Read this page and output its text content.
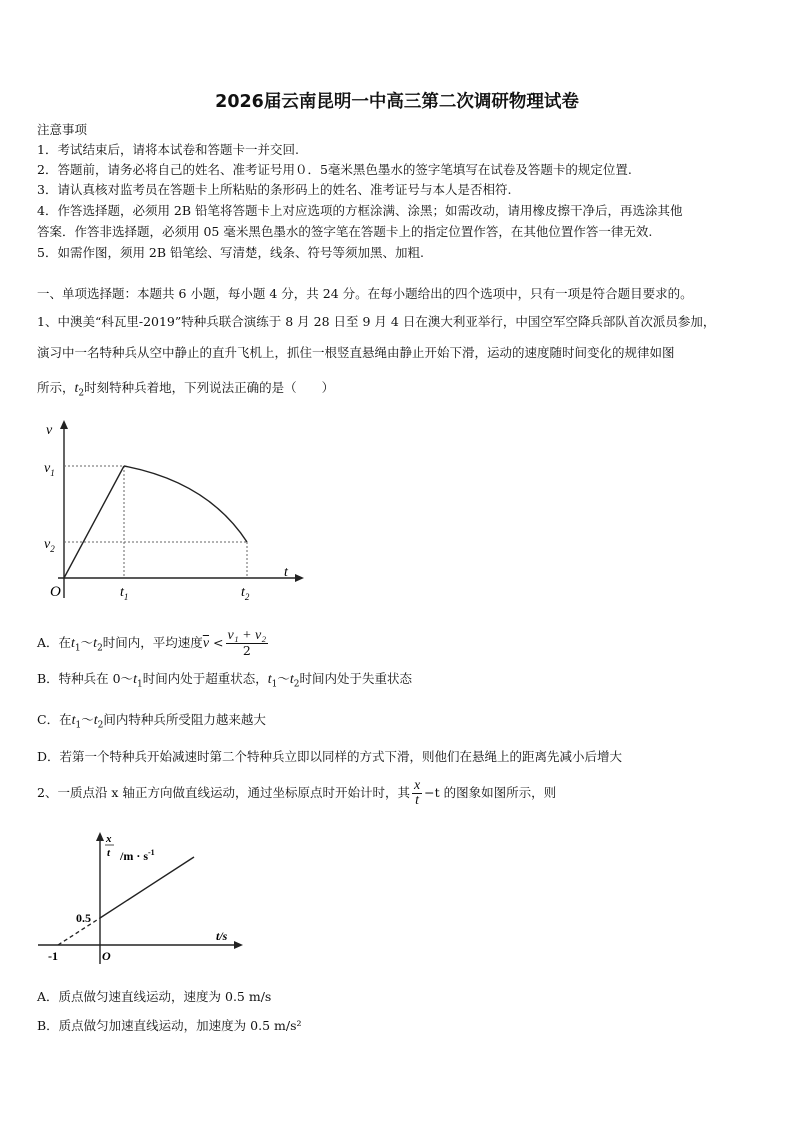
2026届云南昆明一中高三第二次调研物理试卷
注意事项
1．考试结束后，请将本试卷和答题卡一并交回.
2．答题前，请务必将自己的姓名、准考证号用０．5毫米黑色墨水的签字笔填写在试卷及答题卡的规定位置.
3．请认真核对监考员在答题卡上所粘贴的条形码上的姓名、准考证号与本人是否相符.
4．作答选择题，必须用 2B 铅笔将答题卡上对应选项的方框涂满、涂黑；如需改动，请用橡皮擦干净后，再选涂其他
答案．作答非选择题，必须用 05 毫米黑色墨水的签字笔在答题卡上的指定位置作答，在其他位置作答一律无效.
5．如需作图，须用 2B 铅笔绘、写清楚，线条、符号等须加黑、加粗.
一、单项选择题：本题共 6 小题，每小题 4 分，共 24 分。在每小题给出的四个选项中，只有一项是符合题目要求的。
1、中澳美“科瓦里-2019”特种兵联合演练于 8 月 28 日至 9 月 4 日在澳大利亚举行，中国空军空降兵部队首次派员参加，
演习中一名特种兵从空中静止的直升飞机上，抓住一根竖直悬绳由静止开始下滑，运动的速度随时间变化的规律如图
所示，$t_2$时刻特种兵着地，下列说法正确的是（　　）
v
t
O
$v_1$
$v_2$
$t_1$	$t_2$
A．在$t_1\sim t_2$时间内，平均速度$\overline{v} < \frac{\text{v₁ + v₂}}{2}$
B．特种兵在 $0\sim t_1$时间内处于超重状态，$t_1\sim t_2$时间内处于失重状态
C．在$t_1\sim t_2$间内特种兵所受阻力越来越大
D．若第一个特种兵开始减速时第二个特种兵立即以同样的方式下滑，则他们在悬绳上的距离先减小后增大
2、一质点沿 x 轴正方向做直线运动，通过坐标原点时开始计时，其 $\frac{x}{t} -t$ 的图象如图所示，则
x
t $/m \cdot s^{-1}$
t/s
0.5
-1	O
A．质点做匀速直线运动，速度为 0.5 m/s
B．质点做匀加速直线运动，加速度为 0.5 m/s²
